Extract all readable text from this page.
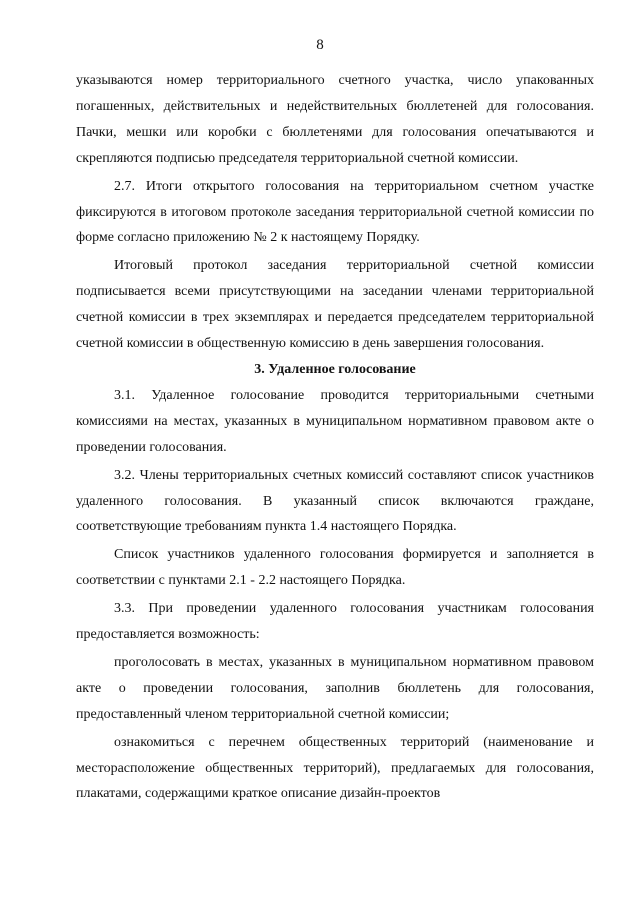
8

указываются номер территориального счетного участка, число упакованных погашенных, действительных и недействительных бюллетеней для голосования. Пачки, мешки или коробки с бюллетенями для голосования опечатываются и скрепляются подписью председателя территориальной счетной комиссии.

2.7. Итоги открытого голосования на территориальном счетном участке фиксируются в итоговом протоколе заседания территориальной счетной комиссии по форме согласно приложению № 2 к настоящему Порядку.

Итоговый протокол заседания территориальной счетной комиссии подписывается всеми присутствующими на заседании членами территориальной счетной комиссии в трех экземплярах и передается председателем территориальной счетной комиссии в общественную комиссию в день завершения голосования.

3. Удаленное голосование

3.1. Удаленное голосование проводится территориальными счетными комиссиями на местах, указанных в муниципальном нормативном правовом акте о проведении голосования.

3.2. Члены территориальных счетных комиссий составляют список участников удаленного голосования. В указанный список включаются граждане, соответствующие требованиям пункта 1.4 настоящего Порядка.

Список участников удаленного голосования формируется и заполняется в соответствии с пунктами 2.1 - 2.2 настоящего Порядка.

3.3. При проведении удаленного голосования участникам голосования предоставляется возможность:

проголосовать в местах, указанных в муниципальном нормативном правовом акте о проведении голосования, заполнив бюллетень для голосования, предоставленный членом территориальной счетной комиссии;

ознакомиться с перечнем общественных территорий (наименование и месторасположение общественных территорий), предлагаемых для голосования, плакатами, содержащими краткое описание дизайн-проектов
